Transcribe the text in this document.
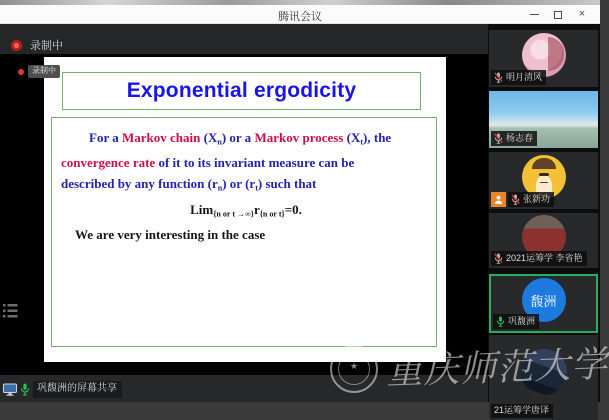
腾讯会议	×
录制中
录制中
Exponential ergodicity
For a Markov chain $(X_n)$ or a Markov process $(X_t)$, the
convergence rate of it to its invariant measure can be
described by any function $(r_n)$ or $(r_t)$ such that
$Lim_{\{n or t \to\infty\}}r_{\{n or t\}}=0$.
We are very interesting in the case
巩馥洲的屏幕共享
明月清风
杨志春
张新功
2021运筹学 李省艳
馥洲
巩馥洲
21运筹学唐译
★ 重庆师范大学
